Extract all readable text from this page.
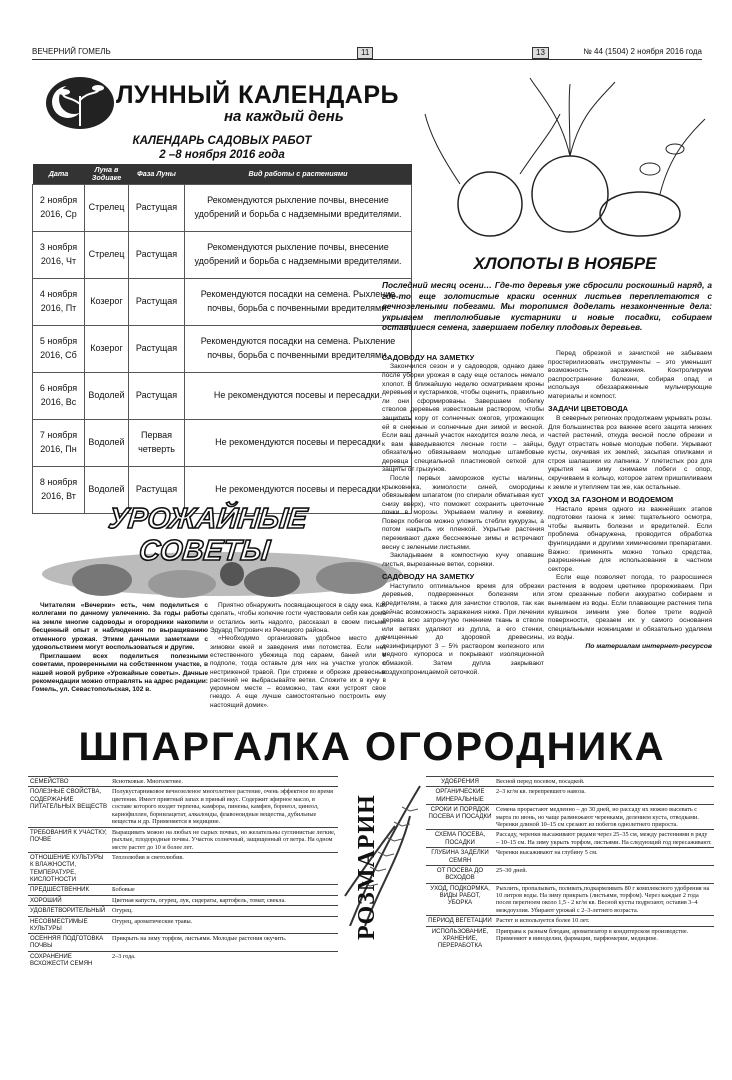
ВЕЧЕРНИЙ ГОМЕЛЬ	11	13	№ 44 (1504) 2 ноября 2016 года
ЛУННЫЙ КАЛЕНДАРЬ
на каждый день
КАЛЕНДАРЬ САДОВЫХ РАБОТ
2 –8 ноября 2016 года
Дата	Луна в Зодиаке	Фаза Луны	Вид работы с растениями
2 ноября 2016, Ср	Стрелец	Растущая	Рекомендуются рыхление почвы, внесение удобрений и борьба с надземными вредителями.
3 ноября 2016, Чт	Стрелец	Растущая	Рекомендуются рыхление почвы, внесение удобрений и борьба с надземными вредителями.
4 ноября 2016, Пт	Козерог	Растущая	Рекомендуются посадки на семена. Рыхление почвы, борьба с почвенными вредителями.
5 ноября 2016, Сб	Козерог	Растущая	Рекомендуются посадки на семена. Рыхление почвы, борьба с почвенными вредителями.
6 ноября 2016, Вс	Водолей	Растущая	Не рекомендуются посевы и пересадки.
7 ноября 2016, Пн	Водолей	Первая четверть	Не рекомендуются посевы и пересадки
8 ноября 2016, Вт	Водолей	Растущая	Не рекомендуются посевы и пересадки
УРОЖАЙНЫЕ
СОВЕТЫ

Читателям «Вечерки» есть, чем поделиться с коллегами по дачному увлечению. За годы работы на земле многие садоводы и огородники накопили бесценный опыт и наблюдения по выращиванию отменного урожая. Этими дачными заметками с удовольствием могут воспользоваться и другие.

Приглашаем всех поделиться полезными советами, проверенными на собственном участке, в нашей новой рубрике «Урожайные советы». Дачные рекомендации можно отправлять на адрес редакции: Гомель, ул. Севастопольская, 102 в.

Приятно обнаружить посвящающегося в саду ежа. Как сделать, чтобы колючие гости чувствовали себя как дома и остались жить надолго, рассказал в своем письме Эдуард Петрович из Речицкого района.

«Необходимо организовать удобное место для зимовки ежей и заведения ими потомства. Если нет естественного убежища под сараем, баней или в подполе, тогда оставьте для них на участке уголок с нестриженой травой. При стрижке и обрезке древесных растений не выбрасывайте ветки. Сложите их в кучу в укромном месте – возможно, там ежи устроят свое гнездо. А еще лучше самостоятельно построить ему настоящий домик».

ХЛОПОТЫ В НОЯБРЕ
Последний месяц осени… Где-то деревья уже сбросили роскошный наряд, а где-то еще золотистые краски осенних листьев переплетаются с вечнозелеными побегами. Мы торопимся доделать незаконченные дела: укрываем теплолюбивые кустарники и новые посадки, собираем оставшиеся семена, завершаем побелку плодовых деревьев.
САДОВОДУ НА ЗАМЕТКУ

Закончился сезон и у садоводов, однако даже после уборки урожая в саду еще осталось немало хлопот. В ближайшую неделю осматриваем кроны деревьев и кустарников, чтобы оценить, правильно ли они сформированы. Завершаем побелку стволов деревьев известковым раствором, чтобы защитить кору от солнечных ожогов, угрожающих ей в снежные и солнечные дни зимой и весной. Если ваш дачный участок находится возле леса, и к вам наведываются лесные гости – зайцы, обязательно обвязываем молодые штамбовые деревца специальной пластиковой сеткой для защиты от грызунов.

После первых заморозков кусты малины, крыжовника, жимолости синей, смородины обвязываем шпагатом (по спирали обматывая куст снизу вверх), что поможет сохранить цветочные почки в морозы. Укрываем малину и ежевику. Поверх побегов можно уложить стебли кукурузы, а потом накрыть их пленкой. Укрытые растения переживают даже бесснежные зимы и встречают весну с зелеными листьями.

Закладываем в компостную кучу опавшие листья, вырезанные ветки, сорняки.

САДОВОДУ НА ЗАМЕТКУ

Наступило оптимальное время для обрезки деревьев, подверженных болезням или вредителям, а также для зачистки стволов, так как сейчас возможность заражения ниже. При лечении дерева всю затронутую гниением ткань в стволе или ветвях удаляют из дупла, а его стенки, очищенные до здоровой древесины, дезинфицируют 3 – 5% раствором железного или медного купороса и покрывают изоляционной обмазкой. Затем дупла закрывают воздухопроницаемой сеточкой.

Перед обрезкой и зачисткой не забываем простерилизовать инструменты – это уменьшит возможность заражения. Контролируем распространение болезни, собирая опад и используя обеззараженные мульчирующие материалы и компост.

ЗАДАЧИ ЦВЕТОВОДА

В северных регионах продолжаем укрывать розы. Для большинства роз важнее всего защита нижних частей растений, откуда весной после обрезки и будут отрастать новые молодые побеги. Укрывают кусты, окучивая их землей, засыпая опилками и строя шалашики из лапника. У плетистых роз для укрытия на зиму снимаем побеги с опор, скручиваем в кольцо, которое затем пришпиливаем к земле и утепляем так же, как остальные.

УХОД ЗА ГАЗОНОМ И ВОДОЕМОМ

Настало время одного из важнейших этапов подготовки газона к зиме: тщательного осмотра, чтобы выявить болезни и вредителей. Если проблема обнаружена, проводится обработка фунгицидами и другими химическими препаратами. Важно: применять можно только средства, разрешенные для использования в частном секторе.

Если еще позволяет погода, то разросшиеся растения в водоем цветнике прореживаем. При этом срезанные побеги аккуратно собираем и вынимаем из воды. Если плавающие растения типа кувшинок зимним уже более трети водной поверхности, срезаем их у самого основания специальными ножницами и обязательно удаляем из воды.

По материалам интернет-ресурсов
ШПАРГАЛКА ОГОРОДНИКА
СЕМЕЙСТВО	Яснотковые. Многолетнее.
ПОЛЕЗНЫЕ СВОЙСТВА, СОДЕРЖАНИЕ ПИТАТЕЛЬНЫХ ВЕЩЕСТВ	Полукустарниковое вечнозеленое многолетнее растение, очень эффектное во время цветения. Имеет приятный запах и пряный вкус. Содержит эфирное масло, в составе которого входят терпены, камфора, пинены, камфен, борнеол, цинеол, кариофиллен, борнилацетат, алкалоиды, флавоноидные вещества, дубильные вещества и др. Применяется в медицине.
ТРЕБОВАНИЯ К УЧАСТКУ, ПОЧВЕ	Выращивать можно на любых не сырых почвах, но желательны суглинистые легкие, рыхлые, плодородные почвы. Участок солнечный, защищенный от ветра. На одном месте растет до 10 и более лет.
ОТНОШЕНИЕ КУЛЬТУРЫ К ВЛАЖНОСТИ, ТЕМПЕРАТУРЕ, КИСЛОТНОСТИ	Теплолюбив и светолюбив.
ПРЕДШЕСТВЕННИК	Бобовые
ХОРОШИЙ	Цветная капуста, огурец, лук, сидераты, картофель, томат, свекла.
УДОВЛЕТВОРИТЕЛЬНЫЙ	Огурец.
НЕСОВМЕСТИМЫЕ КУЛЬТУРЫ	Огурец, ароматические травы.
ОСЕННЯЯ ПОДГОТОВКА ПОЧВЫ	Прикрыть на зиму торфом, листьями. Молодые растения окучить.
СОХРАНЕНИЕ ВСХОЖЕСТИ СЕМЯН	2–3 года.
РОЗМАРИН
УДОБРЕНИЯ	Весной перед посевом, посадкой.
ОРГАНИЧЕСКИЕ МИНЕРАЛЬНЫЕ	2–3 кг/м кв. перепревшего навоза.
СРОКИ И ПОРЯДОК ПОСЕВА И ПОСАДКИ	Семена прорастают медленно – до 30 дней, но рассаду их можно высевать с марта по июнь, но чаще размножают черенками, делением куста, отводками. Черенки длиной 10–15 см срезают из побегов однолетнего прироста.
СХЕМА ПОСЕВА, ПОСАДКИ	Рассаду, черенки высаживают рядами через 25–35 см, между растениями в ряду – 10–15 см. На зиму укрыть торфом, листьями. На следующий год пересаживают.
ГЛУБИНА ЗАДЕЛКИ СЕМЯН	Черенки высаживают на глубину 5 см.
ОТ ПОСЕВА ДО ВСХОДОВ	25–30 дней.
УХОД, ПОДКОРМКА, ВИДЫ РАБОТ, УБОРКА	Рыхлить, пропалывать, поливать,подкармливать 80 г комплексного удобрения на 10 литров воды. На зиму прикрыть (листьями, торфом). Через каждые 2 года посев перегноем около 1,5 - 2 кг/м кв. Весной кусты подрезают, оставив 3–4 междоузлия. Убирают урожай с 2–3-летнего возраста.
ПЕРИОД ВЕГЕТАЦИИ	Растет и используется более 10 лет.
ИСПОЛЬЗОВАНИЕ, ХРАНЕНИЕ, ПЕРЕРАБОТКА	Приправа к разным блюдам, ароматизатор в кондитерском производстве. Применяют в виноделии, фармации, парфюмерии, медицине.
